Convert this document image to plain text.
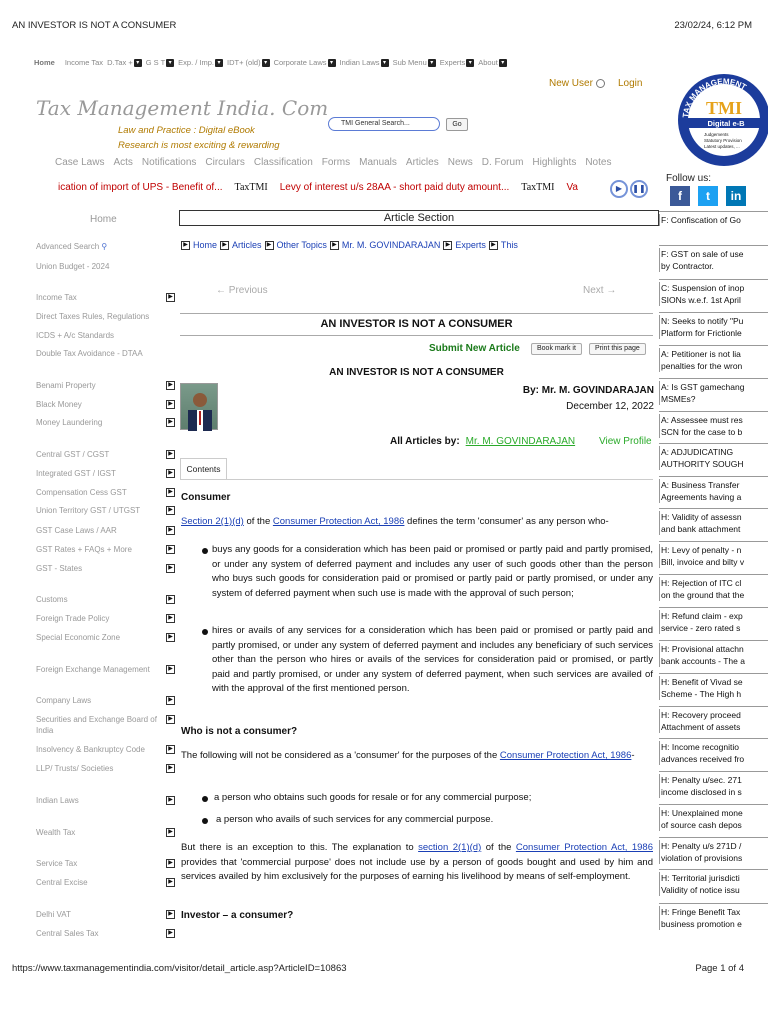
AN INVESTOR IS NOT A CONSUMER	23/02/24, 6:12 PM
https://www.taxmanagementindia.com/visitor/detail_article.asp?ArticleID=10863	Page 1 of 4
Home Income Tax D.Tax + ▾ G S T ▾ Exp. / Imp. ▾ IDT+ (old) ▾ Corporate Laws ▾ Indian Laws ▾ Sub Menu ▾ Experts ▾ About ▾
Tax Management India. Com
Law and Practice : Digital eBook
Research is most exciting & rewarding
TMI General Search...	Go
New User	Login
TAX MANAGEMENT
TMI
Digital e-B
Judgements
Statutory Provision
Latest updates, ...
Follow us:
f	t	in
Case Laws Acts Notifications Circulars Classification Forms Manuals Articles News D. Forum Highlights Notes
ication of import of UPS - Benefit of... TaxTMI Levy of interest u/s 28AA - short paid duty amount... TaxTMI Va	▶	❚❚
Home
Advanced Search ⚲
Union Budget - 2024
Income Tax
Direct Taxes Rules, Regulations
ICDS + A/c Standards
Double Tax Avoidance - DTAA
Benami Property
Black Money
Money Laundering
Central GST / CGST
Integrated GST / IGST
Compensation Cess GST
Union Territory GST / UTGST
GST Case Laws / AAR
GST Rates + FAQs + More
GST - States
Customs
Foreign Trade Policy
Special Economic Zone
Foreign Exchange Management
Company Laws
Securities and Exchange Board of
India
Insolvency & Bankruptcy Code
LLP/ Trusts/ Societies
Indian Laws
Wealth Tax
Service Tax
Central Excise
Delhi VAT
Central Sales Tax
▶
▶
▶
▶
▶
▶
▶
▶
▶
▶
▶
▶
▶
▶
▶
▶
▶
▶
▶
▶
▶
▶
▶
▶
▶
Article Section
▶ Home ▶ Articles ▶ Other Topics ▶ Mr. M. GOVINDARAJAN ▶ Experts ▶ This
← Previous	Next →
AN INVESTOR IS NOT A CONSUMER
Submit New Article	Book mark it	Print this page
AN INVESTOR IS NOT A CONSUMER
By: Mr. M. GOVINDARAJAN
December 12, 2022
All Articles by: Mr. M. GOVINDARAJAN View Profile
Contents
Consumer
Section 2(1)(d) of the Consumer Protection Act, 1986 defines the term 'consumer' as any person who-
buys any goods for a consideration which has been paid or promised or partly paid and partly promised, or under any system of deferred payment and includes any user of such goods other than the person who buys such goods for consideration paid or promised or partly paid or partly promised, or under any system of deferred payment when such use is made with the approval of such person;
hires or avails of any services for a consideration which has been paid or promised or partly paid and partly promised, or under any system of deferred payment and includes any beneficiary of such services other than the person who hires or avails of the services for consideration paid or promised, or partly paid and partly promised, or under any system of deferred payment, when such services are availed of with the approval of the first mentioned person.
Who is not a consumer?
The following will not be considered as a 'consumer' for the purposes of the Consumer Protection Act, 1986-
a person who obtains such goods for resale or for any commercial purpose;
a person who avails of such services for any commercial purpose.
But there is an exception to this. The explanation to section 2(1)(d) of the Consumer Protection Act, 1986 provides that 'commercial purpose' does not include use by a person of goods bought and used by him and services availed by him exclusively for the purposes of earning his livelihood by means of self-employment.
Investor – a consumer?
F: Confiscation of Go
F: GST on sale of use
by Contractor.
C: Suspension of inop
SIONs w.e.f. 1st April
N: Seeks to notify "Pu
Platform for Frictionle
A: Petitioner is not lia
penalties for the wron
A: Is GST gamechang
MSMEs?
A: Assessee must res
SCN for the case to b
A: ADJUDICATING
AUTHORITY SOUGH
A: Business Transfer
Agreements having a
H: Validity of assessn
and bank attachment
H: Levy of penalty - n
Bill, invoice and bilty v
H: Rejection of ITC cl
on the ground that the
H: Refund claim - exp
service - zero rated s
H: Provisional attachn
bank accounts - The a
H: Benefit of Vivad se
Scheme - The High h
H: Recovery proceed
Attachment of assets
H: Income recognitio
advances received fro
H: Penalty u/sec. 271
income disclosed in s
H: Unexplained mone
of source cash depos
H: Penalty u/s 271D /
violation of provisions
H: Territorial jurisdicti
Validity of notice issu
H: Fringe Benefit Tax
business promotion e
